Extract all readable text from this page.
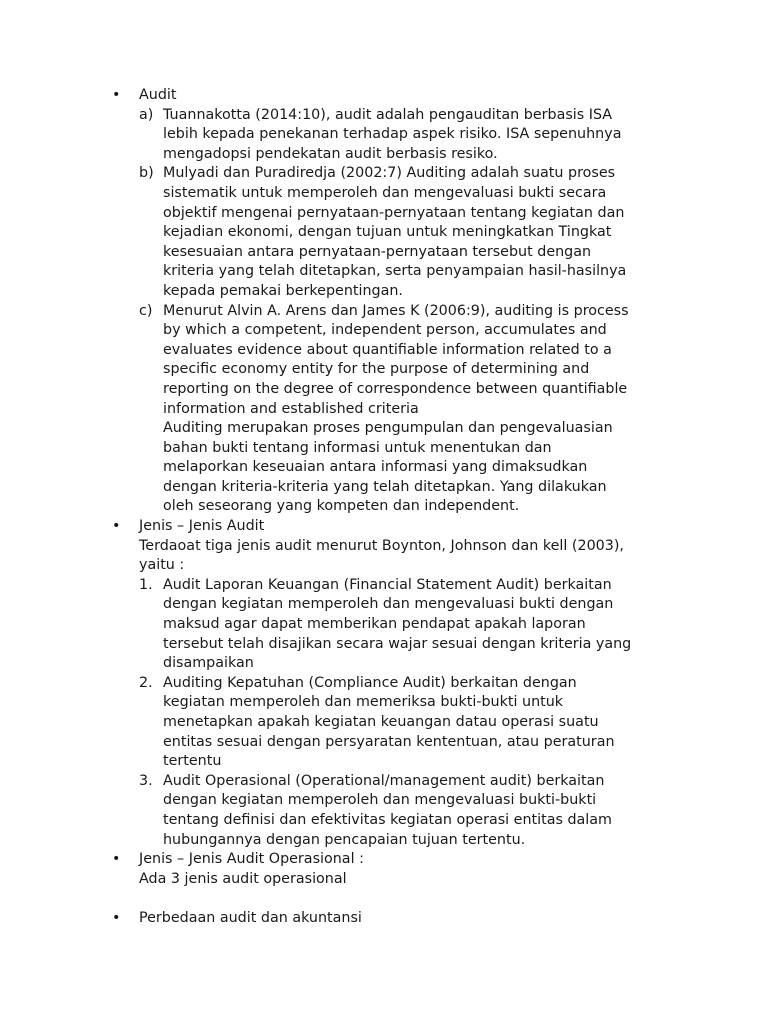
•	Audit
a) Tuannakotta (2014:10), audit adalah pengauditan berbasis ISA
lebih kepada penekanan terhadap aspek risiko. ISA sepenuhnya
mengadopsi pendekatan audit berbasis resiko.
b) Mulyadi dan Puradiredja (2002:7) Auditing adalah suatu proses
sistematik untuk memperoleh dan mengevaluasi bukti secara
objektif mengenai pernyataan-pernyataan tentang kegiatan dan
kejadian ekonomi, dengan tujuan untuk meningkatkan Tingkat
kesesuaian antara pernyataan-pernyataan tersebut dengan
kriteria yang telah ditetapkan, serta penyampaian hasil-hasilnya
kepada pemakai berkepentingan.
c) Menurut Alvin A. Arens dan James K (2006:9), auditing is process
by which a competent, independent person, accumulates and
evaluates evidence about quantifiable information related to a
specific economy entity for the purpose of determining and
reporting on the degree of correspondence between quantifiable
information and established criteria
Auditing merupakan proses pengumpulan dan pengevaluasian
bahan bukti tentang informasi untuk menentukan dan
melaporkan keseuaian antara informasi yang dimaksudkan
dengan kriteria-kriteria yang telah ditetapkan. Yang dilakukan
oleh seseorang yang kompeten dan independent.
•	Jenis – Jenis Audit
Terdaoat tiga jenis audit menurut Boynton, Johnson dan kell (2003),
yaitu :
1. Audit Laporan Keuangan (Financial Statement Audit) berkaitan
dengan kegiatan memperoleh dan mengevaluasi bukti dengan
maksud agar dapat memberikan pendapat apakah laporan
tersebut telah disajikan secara wajar sesuai dengan kriteria yang
disampaikan
2. Auditing Kepatuhan (Compliance Audit) berkaitan dengan
kegiatan memperoleh dan memeriksa bukti-bukti untuk
menetapkan apakah kegiatan keuangan datau operasi suatu
entitas sesuai dengan persyaratan kententuan, atau peraturan
tertentu
3. Audit Operasional (Operational/management audit) berkaitan
dengan kegiatan memperoleh dan mengevaluasi bukti-bukti
tentang definisi dan efektivitas kegiatan operasi entitas dalam
hubungannya dengan pencapaian tujuan tertentu.
•	Jenis – Jenis Audit Operasional :
Ada 3 jenis audit operasional
•	Perbedaan audit dan akuntansi
